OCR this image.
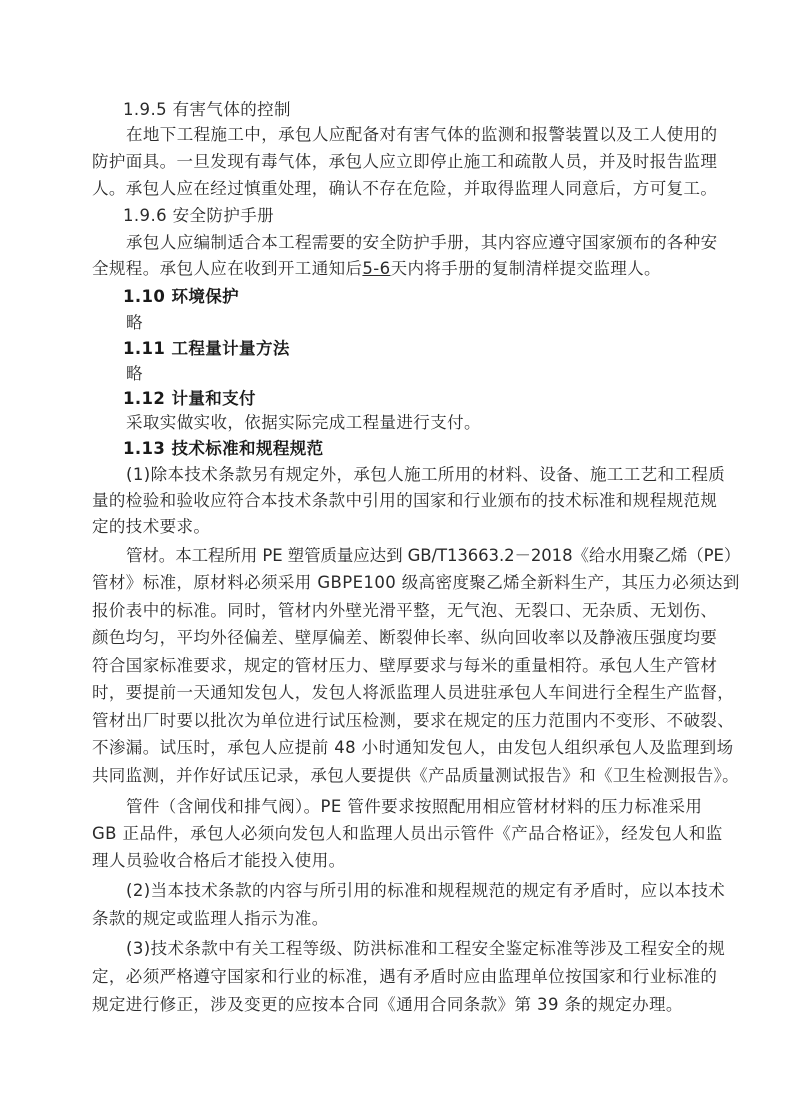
1.9.5 有害气体的控制
在地下工程施工中，承包人应配备对有害气体的监测和报警装置以及工人使用的
防护面具。一旦发现有毒气体，承包人应立即停止施工和疏散人员，并及时报告监理
人。承包人应在经过慎重处理，确认不存在危险，并取得监理人同意后，方可复工。
1.9.6 安全防护手册
承包人应编制适合本工程需要的安全防护手册，其内容应遵守国家颁布的各种安
全规程。承包人应在收到开工通知后5-6天内将手册的复制清样提交监理人。
1.10 环境保护
略
1.11 工程量计量方法
略
1.12 计量和支付
采取实做实收，依据实际完成工程量进行支付。
1.13 技术标准和规程规范
(1)除本技术条款另有规定外，承包人施工所用的材料、设备、施工工艺和工程质
量的检验和验收应符合本技术条款中引用的国家和行业颁布的技术标准和规程规范规
定的技术要求。
管材。本工程所用 PE 塑管质量应达到 GB/T13663.2－2018《给水用聚乙烯（PE）
管材》标准，原材料必须采用 GBPE100 级高密度聚乙烯全新料生产，其压力必须达到
报价表中的标准。同时，管材内外壁光滑平整，无气泡、无裂口、无杂质、无划伤、
颜色均匀，平均外径偏差、壁厚偏差、断裂伸长率、纵向回收率以及静液压强度均要
符合国家标准要求，规定的管材压力、壁厚要求与每米的重量相符。承包人生产管材
时，要提前一天通知发包人，发包人将派监理人员进驻承包人车间进行全程生产监督，
管材出厂时要以批次为单位进行试压检测，要求在规定的压力范围内不变形、不破裂、
不渗漏。试压时，承包人应提前 48 小时通知发包人，由发包人组织承包人及监理到场
共同监测，并作好试压记录，承包人要提供《产品质量测试报告》和《卫生检测报告》。
管件（含闸伐和排气阀）。PE 管件要求按照配用相应管材材料的压力标准采用
GB 正品件，承包人必须向发包人和监理人员出示管件《产品合格证》，经发包人和监
理人员验收合格后才能投入使用。
(2)当本技术条款的内容与所引用的标准和规程规范的规定有矛盾时，应以本技术
条款的规定或监理人指示为准。
(3)技术条款中有关工程等级、防洪标准和工程安全鉴定标准等涉及工程安全的规
定，必须严格遵守国家和行业的标准，遇有矛盾时应由监理单位按国家和行业标准的
规定进行修正，涉及变更的应按本合同《通用合同条款》第 39 条的规定办理。
